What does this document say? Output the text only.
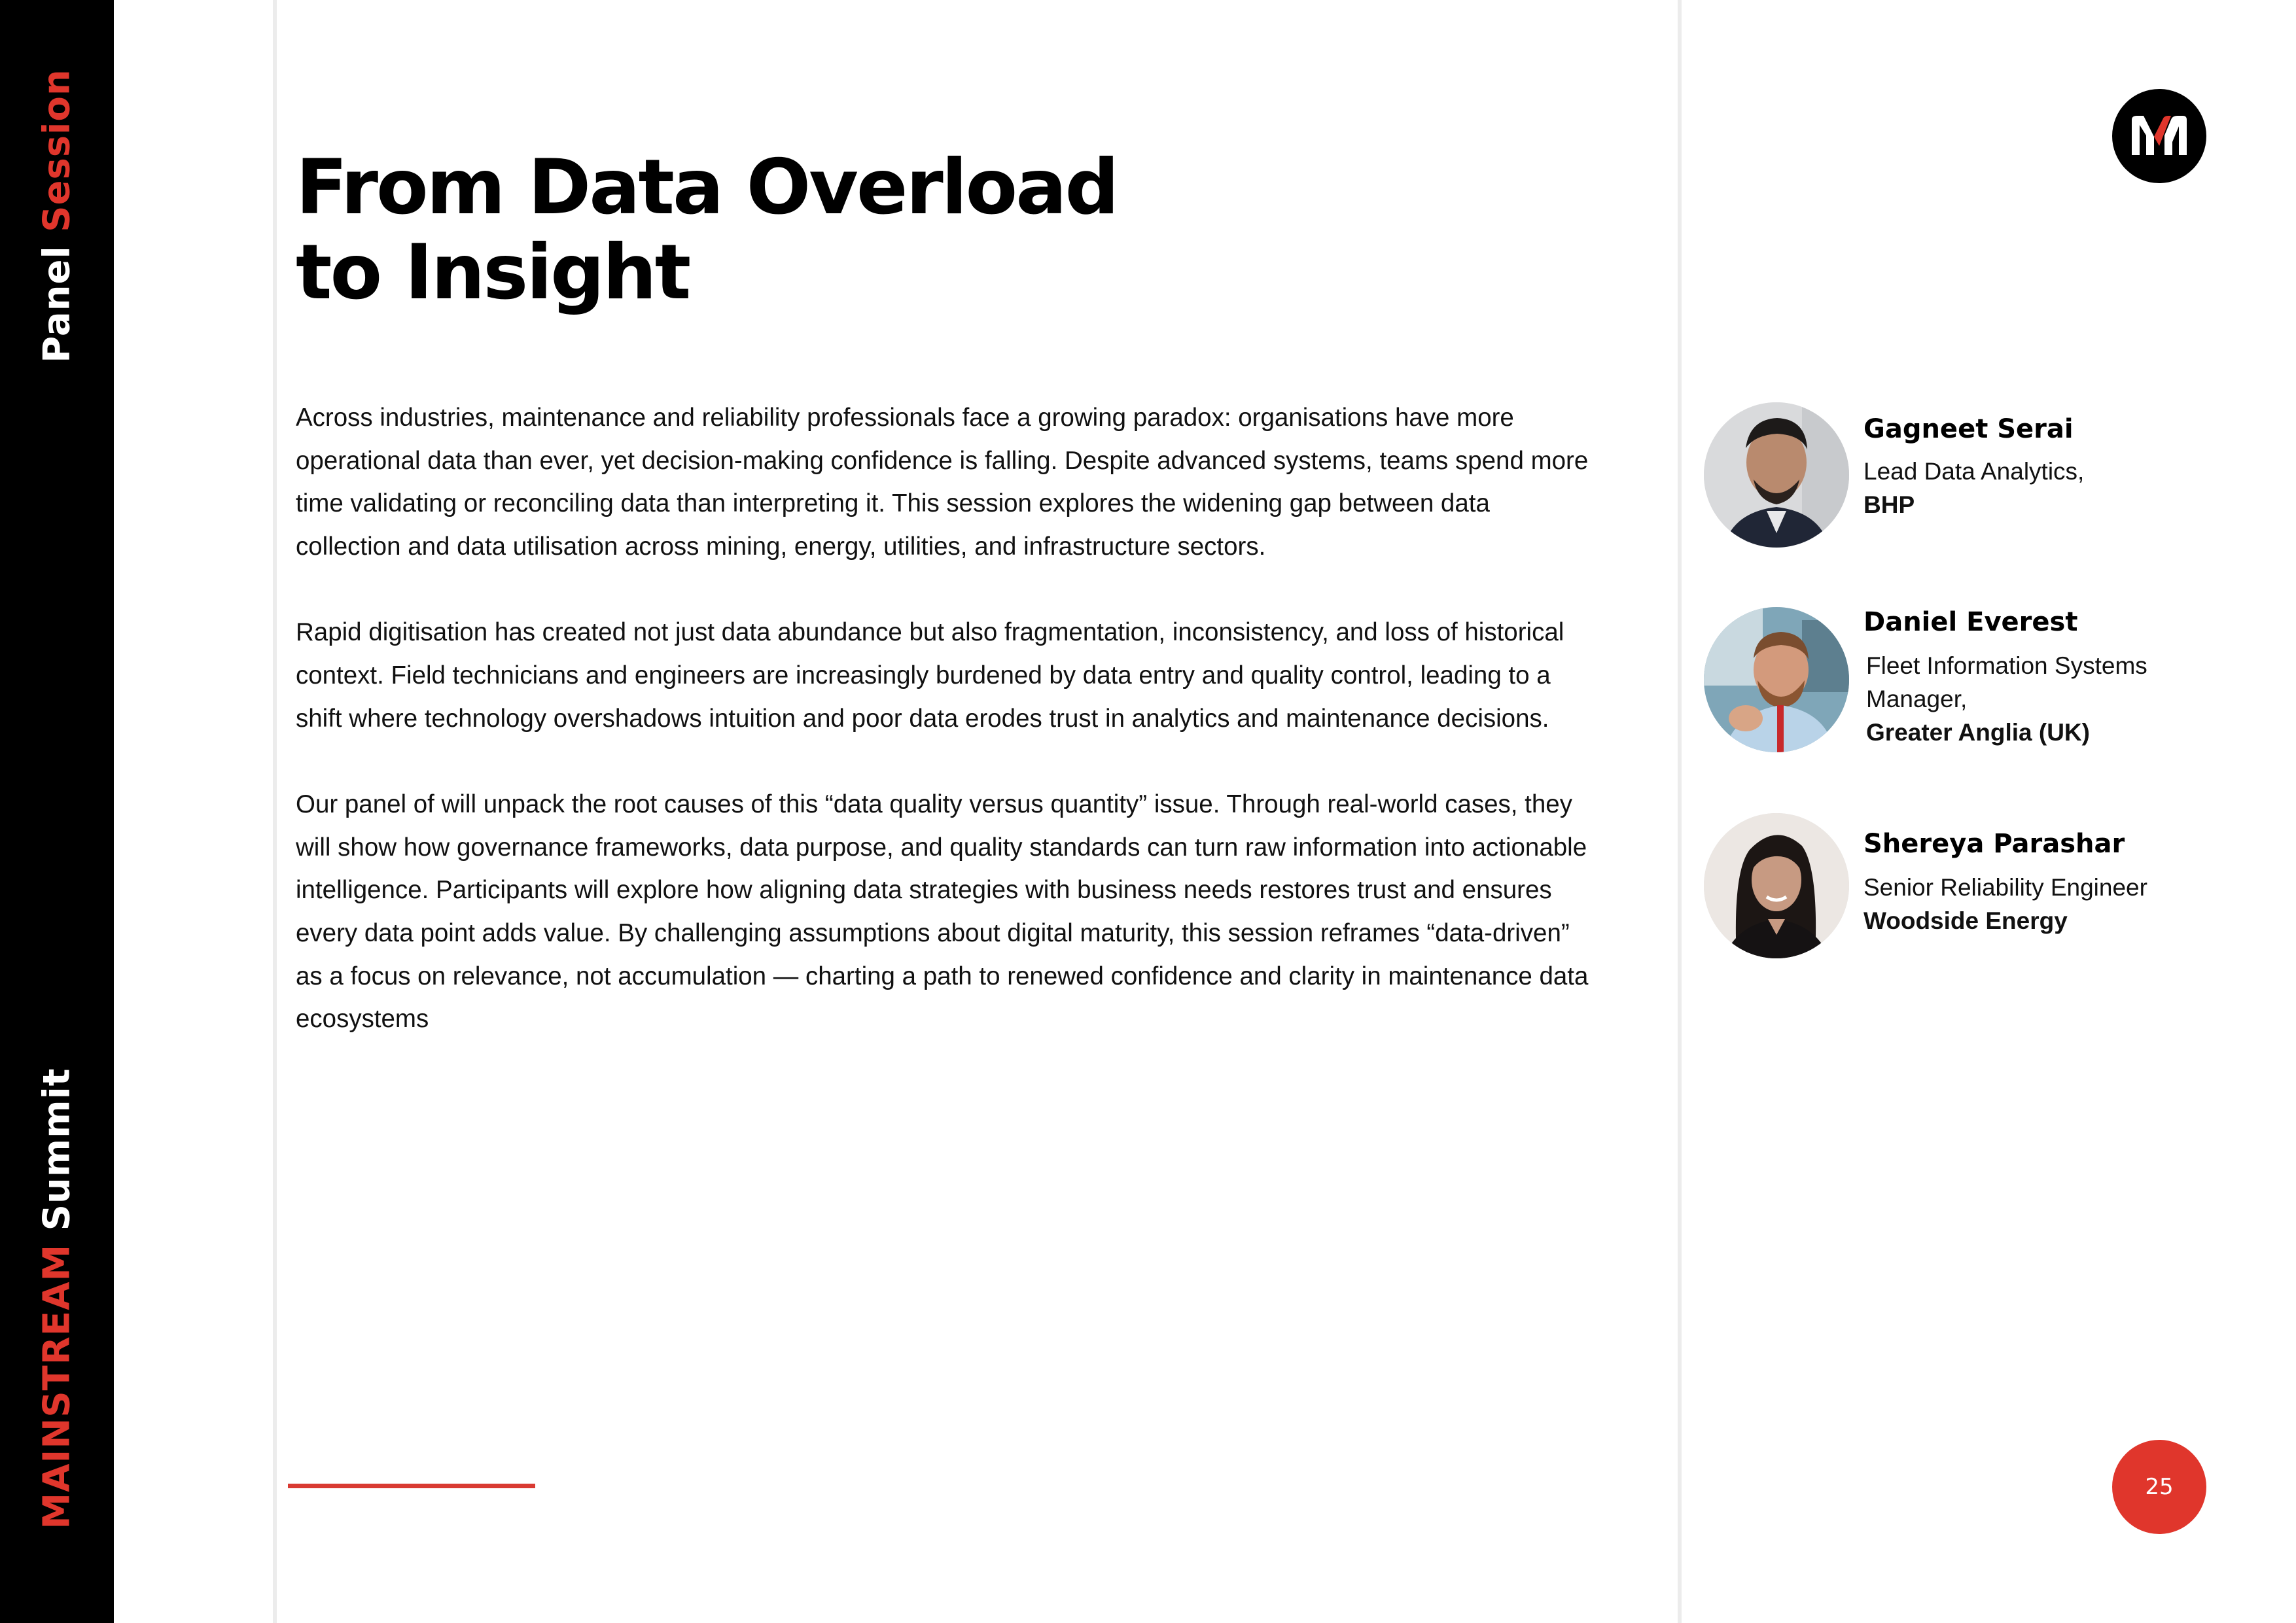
Panel Session
MAINSTREAM Summit
From Data Overload
to Insight

Across industries, maintenance and reliability professionals face a growing paradox: organisations have more operational data than ever, yet decision-making confidence is falling. Despite advanced systems, teams spend more time validating or reconciling data than interpreting it. This session explores the widening gap between data collection and data utilisation across mining, energy, utilities, and infrastructure sectors.

Rapid digitisation has created not just data abundance but also fragmentation, inconsistency, and loss of historical context. Field technicians and engineers are increasingly burdened by data entry and quality control, leading to a shift where technology overshadows intuition and poor data erodes trust in analytics and maintenance decisions.

Our panel of will unpack the root causes of this “data quality versus quantity” issue. Through real-world cases, they will show how governance frameworks, data purpose, and quality standards can turn raw information into actionable intelligence. Participants will explore how aligning data strategies with business needs restores trust and ensures every data point adds value. By challenging assumptions about digital maturity, this session reframes “data-driven” as a focus on relevance, not accumulation — charting a path to renewed confidence and clarity in maintenance data ecosystems

Gagneet Serai
Lead Data Analytics,
BHP
Daniel Everest
Fleet Information Systems Manager,
Greater Anglia (UK)
Shereya Parashar
Senior Reliability Engineer
Woodside Energy
25
